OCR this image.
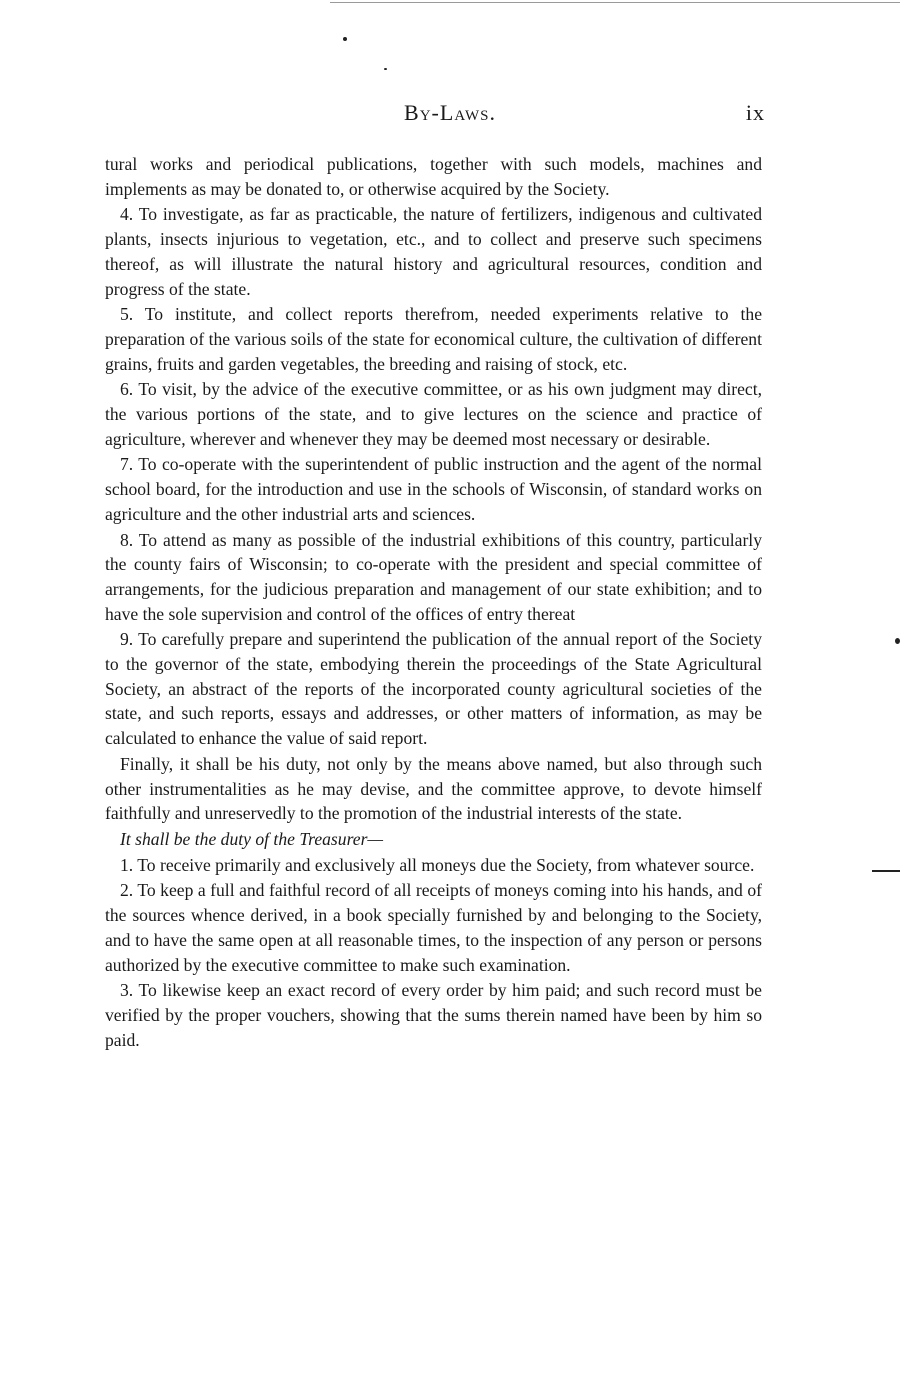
By-Laws.	ix

tural works and periodical publications, together with such models, machines and implements as may be donated to, or otherwise acquired by the Society.

4. To investigate, as far as practicable, the nature of fertilizers, indigenous and cultivated plants, insects injurious to vegetation, etc., and to collect and preserve such specimens thereof, as will illustrate the natural history and agricultural resources, condition and progress of the state.

5. To institute, and collect reports therefrom, needed experiments relative to the preparation of the various soils of the state for economical culture, the cultivation of different grains, fruits and garden vegetables, the breeding and raising of stock, etc.

6. To visit, by the advice of the executive committee, or as his own judgment may direct, the various portions of the state, and to give lectures on the science and practice of agriculture, wherever and whenever they may be deemed most necessary or desirable.

7. To co-operate with the superintendent of public instruction and the agent of the normal school board, for the introduction and use in the schools of Wisconsin, of standard works on agriculture and the other industrial arts and sciences.

8. To attend as many as possible of the industrial exhibitions of this country, particularly the county fairs of Wisconsin; to co-operate with the president and special committee of arrangements, for the judicious preparation and management of our state exhibition; and to have the sole supervision and control of the offices of entry thereat

9. To carefully prepare and superintend the publication of the annual report of the Society to the governor of the state, embodying therein the proceedings of the State Agricultural Society, an abstract of the reports of the incorporated county agricultural societies of the state, and such reports, essays and addresses, or other matters of information, as may be calculated to enhance the value of said report.

Finally, it shall be his duty, not only by the means above named, but also through such other instrumentalities as he may devise, and the committee approve, to devote himself faithfully and unreservedly to the promotion of the industrial interests of the state.

It shall be the duty of the Treasurer—

1. To receive primarily and exclusively all moneys due the Society, from whatever source.

2. To keep a full and faithful record of all receipts of moneys coming into his hands, and of the sources whence derived, in a book specially furnished by and belonging to the Society, and to have the same open at all reasonable times, to the inspection of any person or persons authorized by the executive committee to make such examination.

3. To likewise keep an exact record of every order by him paid; and such record must be verified by the proper vouchers, showing that the sums therein named have been by him so paid.
